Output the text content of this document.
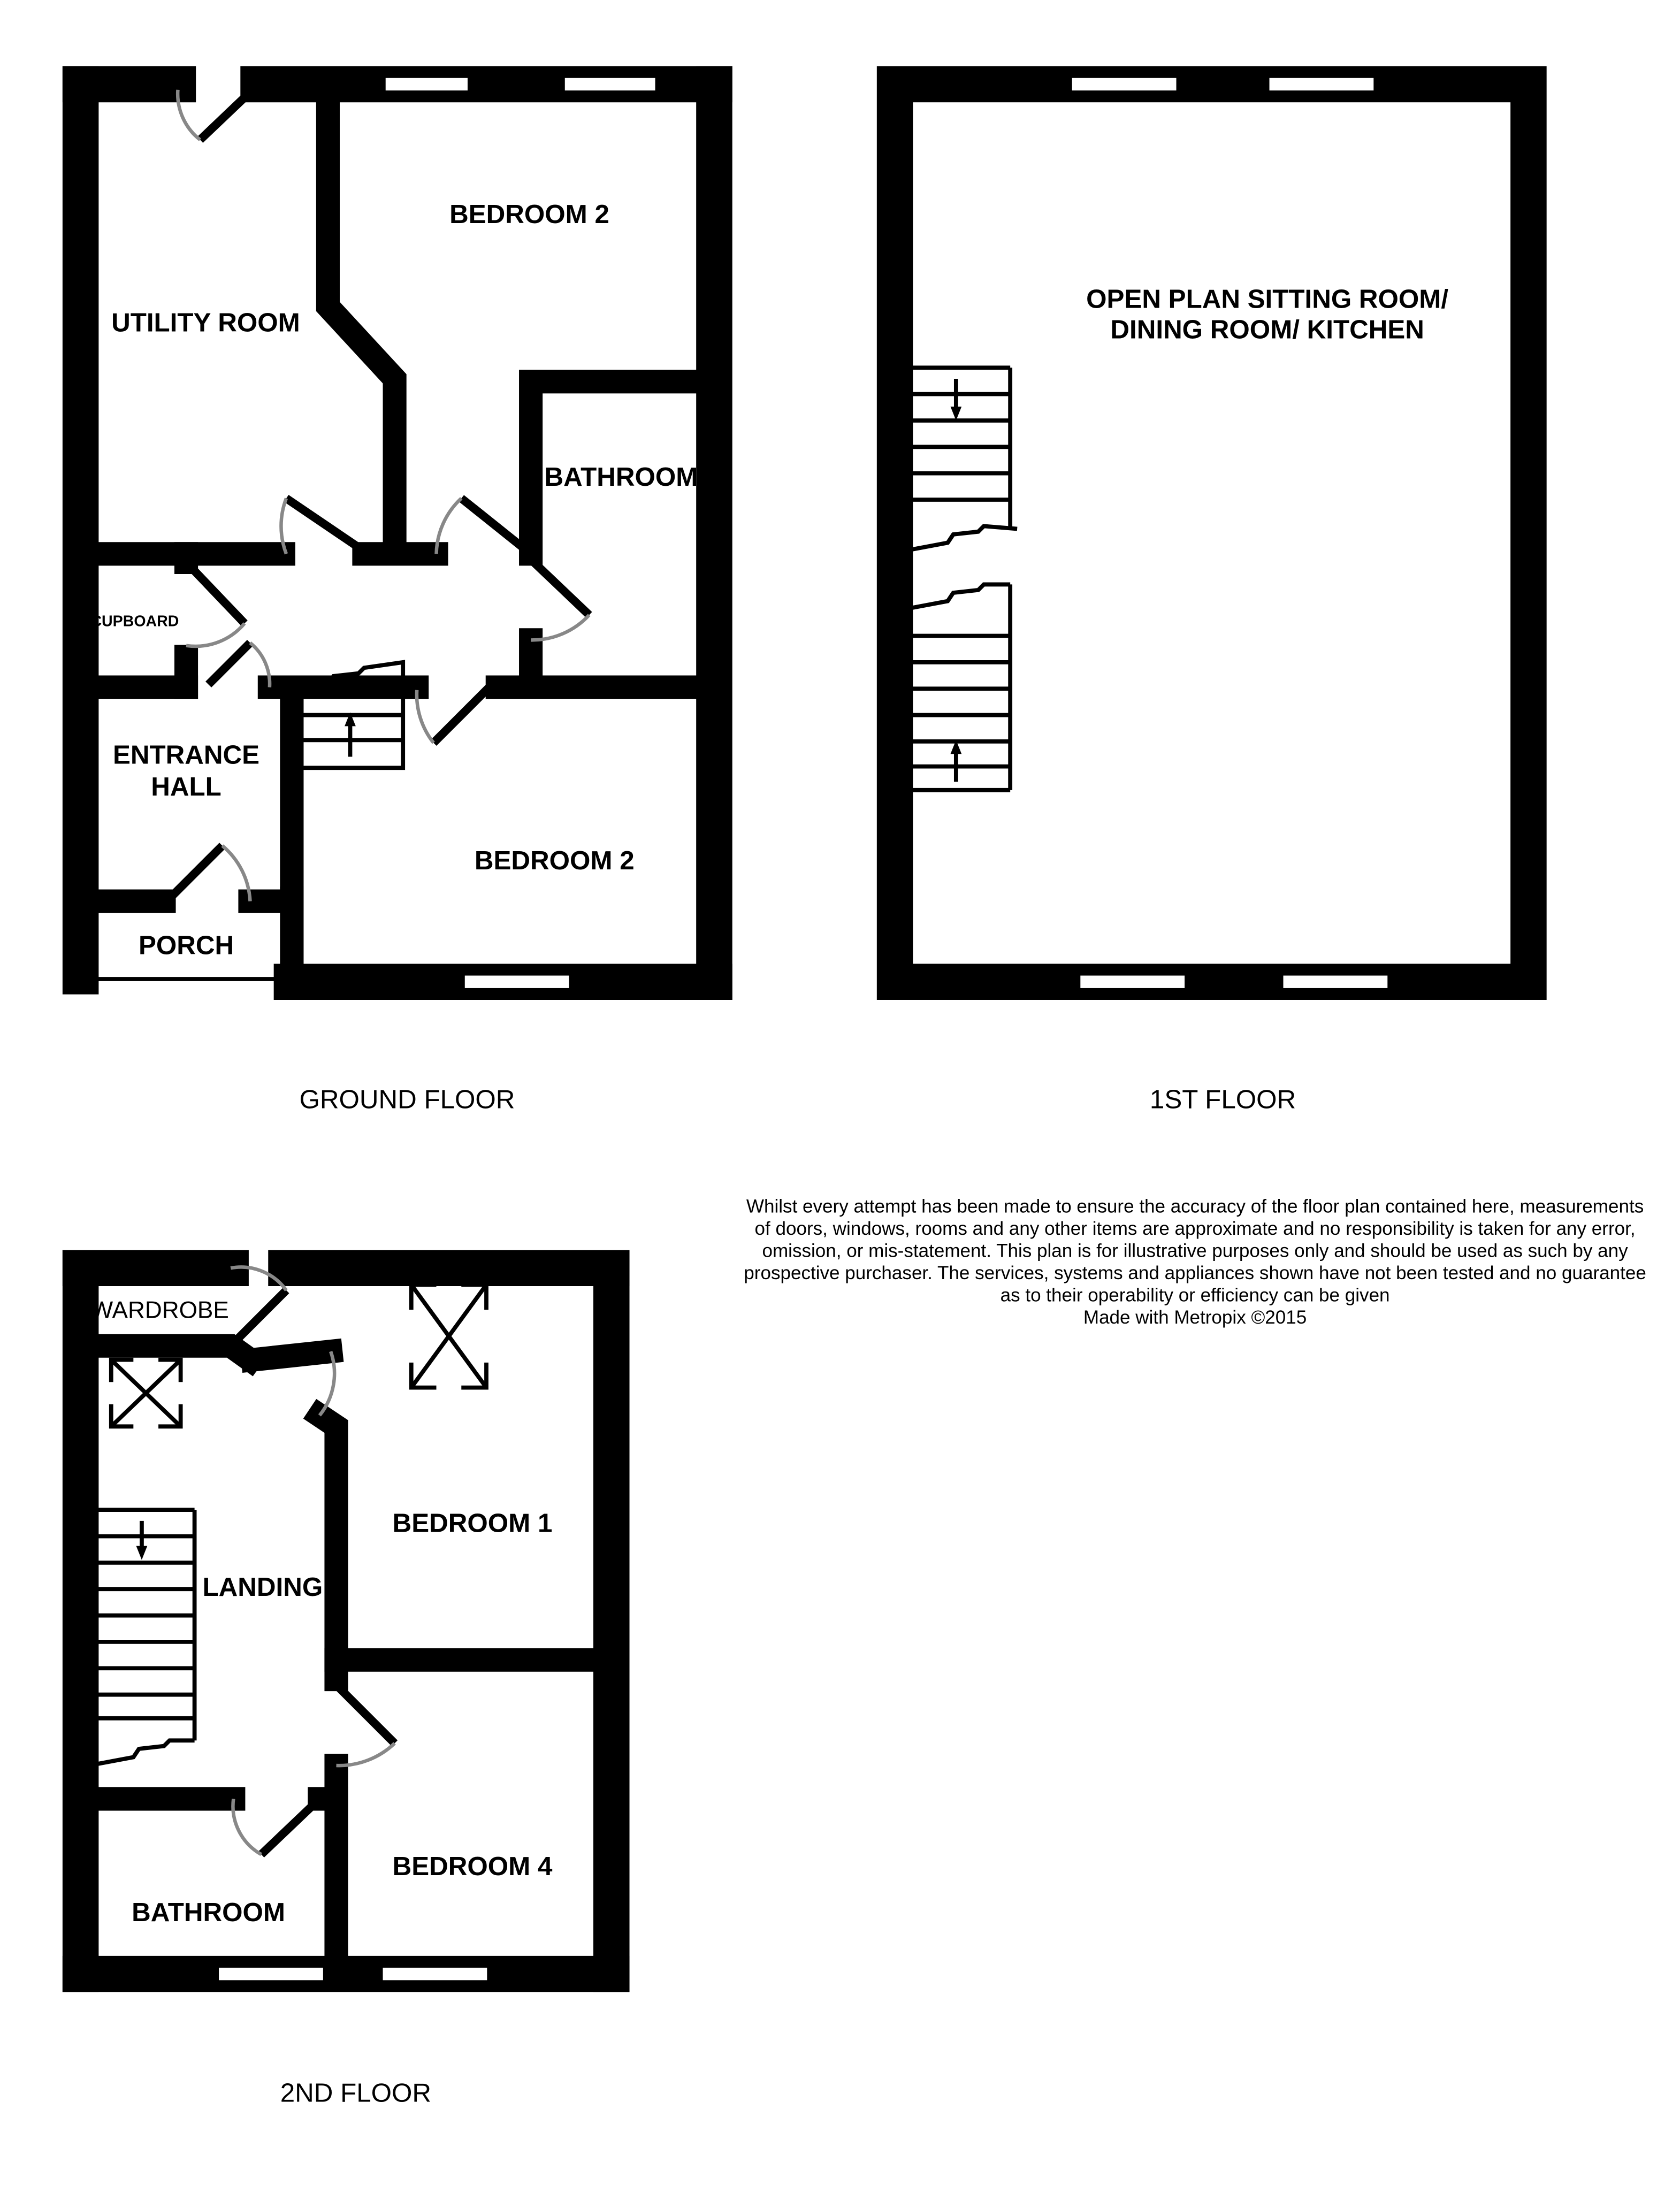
UTILITY ROOM
BEDROOM 2
BATHROOM
CUPBOARD
ENTRANCE
HALL
BEDROOM 2
PORCH
GROUND FLOOR
OPEN PLAN SITTING ROOM/
DINING ROOM/ KITCHEN
1ST FLOOR
Whilst every attempt has been made to ensure the accuracy of the floor plan contained here, measurements
of doors, windows, rooms and any other items are approximate and no responsibility is taken for any error,
omission, or mis-statement. This plan is for illustrative purposes only and should be used as such by any
prospective purchaser. The services, systems and appliances shown have not been tested and no guarantee
as to their operability or efficiency can be given
Made with Metropix ©2015
WARDROBE
BEDROOM 1
LANDING
BEDROOM 4
BATHROOM
2ND FLOOR
